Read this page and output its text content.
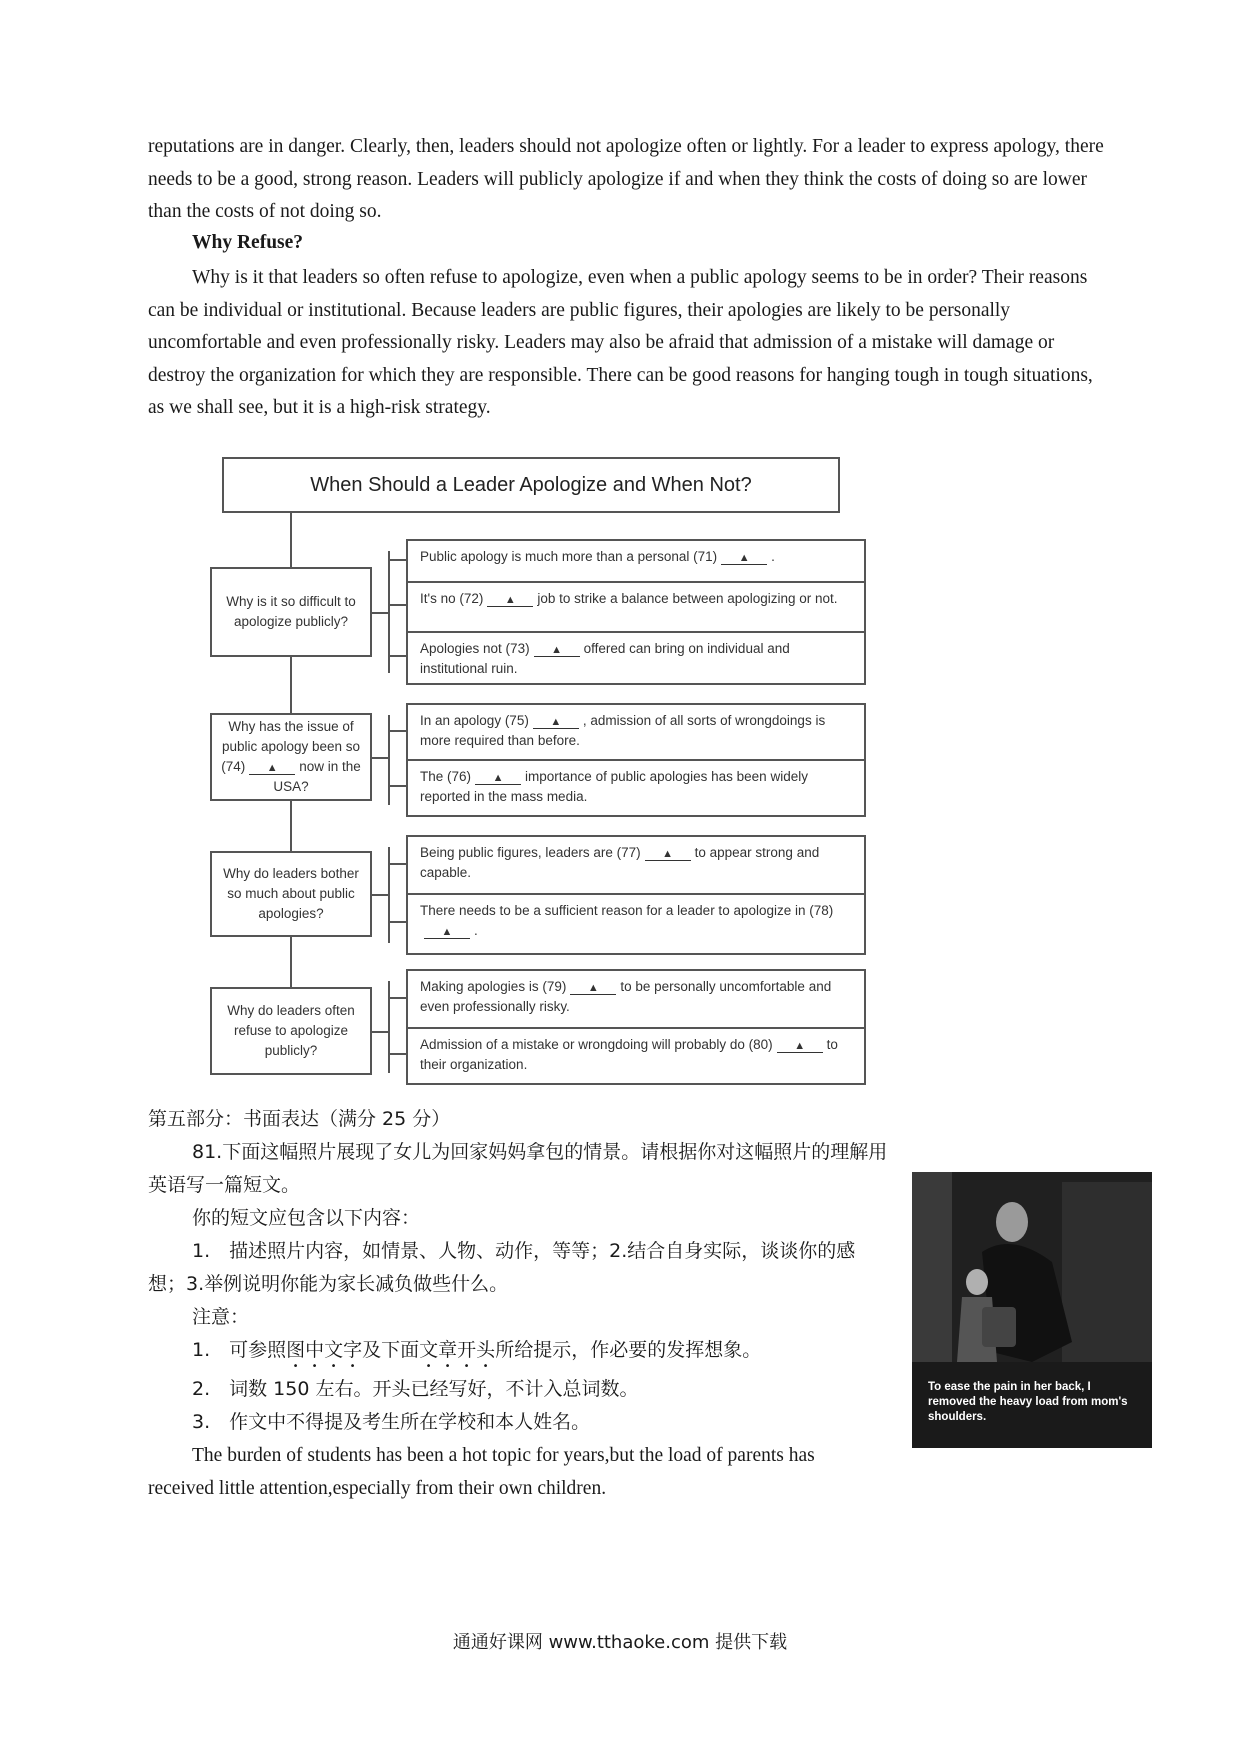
reputations are in danger. Clearly, then, leaders should not apologize often or lightly. For a leader to express apology, there needs to be a good, strong reason. Leaders will publicly apologize if and when they think the costs of doing so are lower than the costs of not doing so.

Why Refuse?

Why is it that leaders so often refuse to apologize, even when a public apology seems to be in order? Their reasons can be individual or institutional. Because leaders are public figures, their apologies are likely to be personally uncomfortable and even professionally risky. Leaders may also be afraid that admission of a mistake will damage or destroy the organization for which they are responsible. There can be good reasons for hanging tough in tough situations, as we shall see, but it is a high-risk strategy.

When Should a Leader Apologize and When Not?
Why is it so difficult to apologize publicly?
Public apology is much more than a personal (71) ▲ .
It's no (72) ▲ job to strike a balance between apologizing or not.
Apologies not (73) ▲ offered can bring on individual and institutional ruin.
Why has the issue of public apology been so (74) ▲ now in the USA?
In an apology (75) ▲ , admission of all sorts of wrongdoings is more required than before.
The (76) ▲ importance of public apologies has been widely reported in the mass media.
Why do leaders bother so much about public apologies?
Being public figures, leaders are (77) ▲ to appear strong and capable.
There needs to be a sufficient reason for a leader to apologize in (78)▲ .
Why do leaders often refuse to apologize publicly?
Making apologies is (79) ▲ to be personally uncomfortable and even professionally risky.
Admission of a mistake or wrongdoing will probably do (80) ▲ to their organization.

第五部分：书面表达（满分 25 分）

81.下面这幅照片展现了女儿为回家妈妈拿包的情景。请根据你对这幅照片的理解用英语写一篇短文。

你的短文应包含以下内容：

1.　描述照片内容，如情景、人物、动作，等等；2.结合自身实际，谈谈你的感想；3.举例说明你能为家长减负做些什么。

注意：

1.　可参照图中文字及下面文章开头所给提示，作必要的发挥想象。

2.　词数 150 左右。开头已经写好，不计入总词数。

3.　作文中不得提及考生所在学校和本人姓名。

The burden of students has been a hot topic for years,but the load of parents has received little attention,especially from their own children.

To ease the pain in her back, I removed the heavy load from mom's shoulders.
通通好课网 www.tthaoke.com 提供下载
